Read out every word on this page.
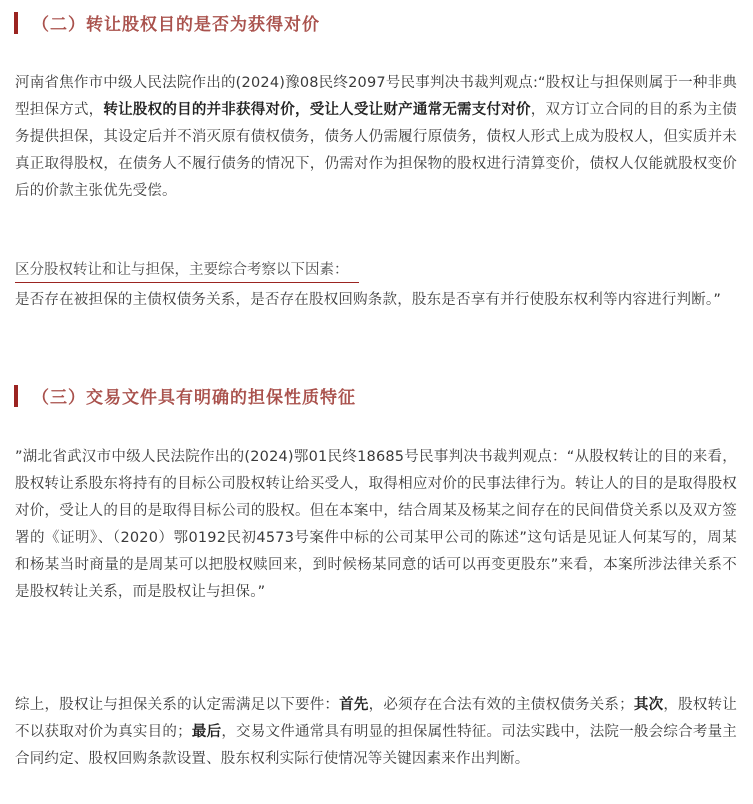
（二）转让股权目的是否为获得对价

河南省焦作市中级人民法院作出的(2024)豫08民终2097号民事判决书裁判观点:“股权让与担保则属于一种非典型担保方式，转让股权的目的并非获得对价，受让人受让财产通常无需支付对价，双方订立合同的目的系为主债务提供担保，其设定后并不消灭原有债权债务，债务人仍需履行原债务，债权人形式上成为股权人，但实质并未真正取得股权，在债务人不履行债务的情况下，仍需对作为担保物的股权进行清算变价，债权人仅能就股权变价后的价款主张优先受偿。

区分股权转让和让与担保，主要综合考察以下因素：

是否存在被担保的主债权债务关系，是否存在股权回购条款，股东是否享有并行使股东权利等内容进行判断。”

（三）交易文件具有明确的担保性质特征

”湖北省武汉市中级人民法院作出的(2024)鄂01民终18685号民事判决书裁判观点：“从股权转让的目的来看，股权转让系股东将持有的目标公司股权转让给买受人，取得相应对价的民事法律行为。转让人的目的是取得股权对价，受让人的目的是取得目标公司的股权。但在本案中，结合周某及杨某之间存在的民间借贷关系以及双方签署的《证明》、（2020）鄂0192民初4573号案件中标的公司某甲公司的陈述”这句话是见证人何某写的，周某和杨某当时商量的是周某可以把股权赎回来，到时候杨某同意的话可以再变更股东”来看，本案所涉法律关系不是股权转让关系，而是股权让与担保。”

综上，股权让与担保关系的认定需满足以下要件：首先，必须存在合法有效的主债权债务关系；其次，股权转让不以获取对价为真实目的；最后，交易文件通常具有明显的担保属性特征。司法实践中，法院一般会综合考量主合同约定、股权回购条款设置、股东权利实际行使情况等关键因素来作出判断。
